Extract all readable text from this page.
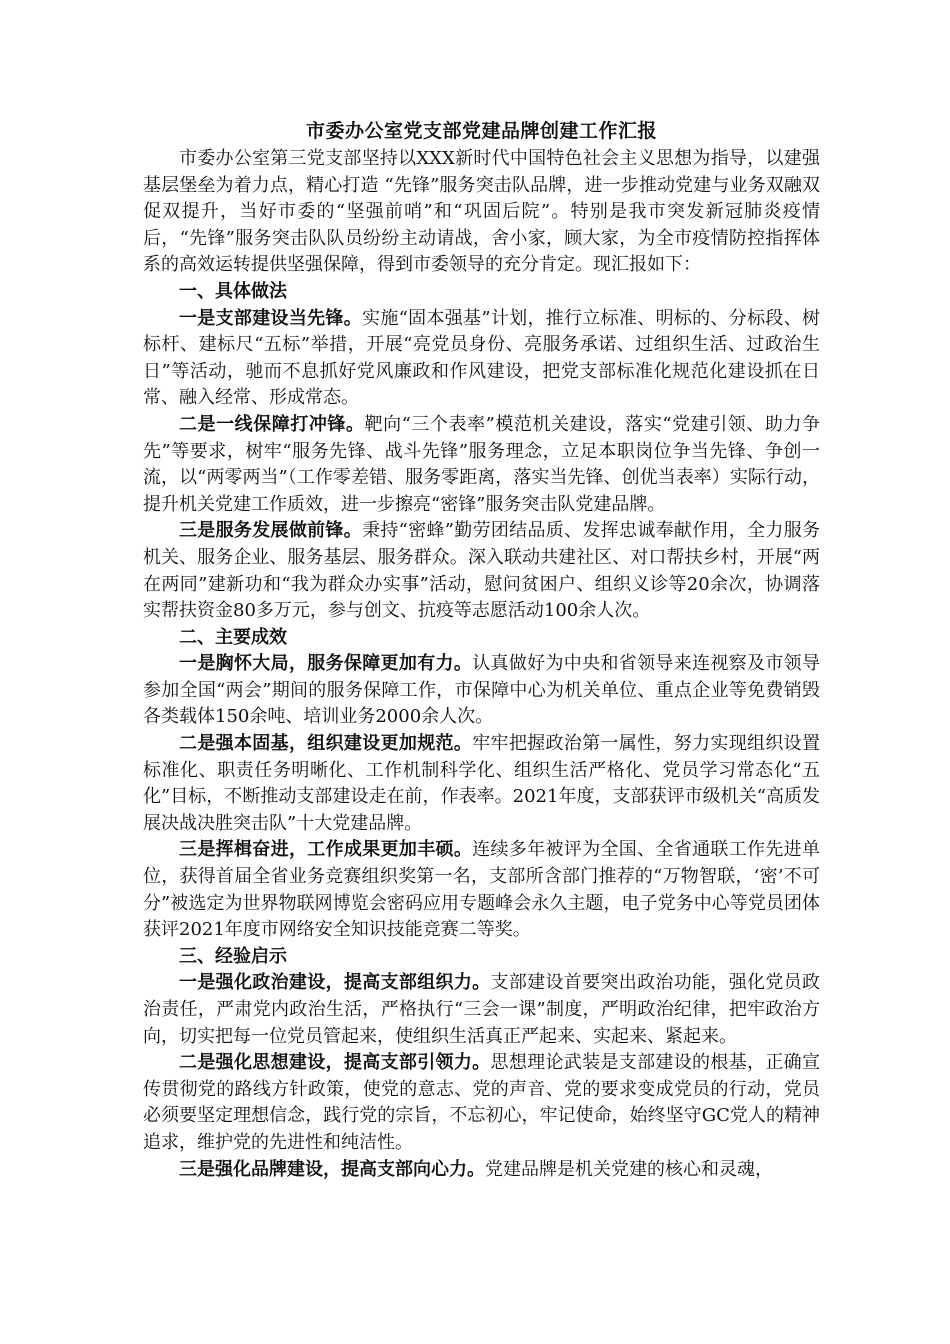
市委办公室党支部党建品牌创建工作汇报

市委办公室第三党支部坚持以XXX新时代中国特色社会主义思想为指导，以建强基层堡垒为着力点，精心打造 “先锋”服务突击队品牌，进一步推动党建与业务双融双促双提升，当好市委的“坚强前哨”和“巩固后院”。特别是我市突发新冠肺炎疫情后，“先锋”服务突击队队员纷纷主动请战，舍小家，顾大家，为全市疫情防控指挥体系的高效运转提供坚强保障，得到市委领导的充分肯定。现汇报如下：

一、具体做法

一是支部建设当先锋。实施“固本强基”计划，推行立标准、明标的、分标段、树标杆、建标尺“五标”举措，开展“亮党员身份、亮服务承诺、过组织生活、过政治生日”等活动，驰而不息抓好党风廉政和作风建设，把党支部标准化规范化建设抓在日常、融入经常、形成常态。

二是一线保障打冲锋。靶向“三个表率”模范机关建设，落实“党建引领、助力争先”等要求，树牢“服务先锋、战斗先锋”服务理念，立足本职岗位争当先锋、争创一流，以“两零两当”（工作零差错、服务零距离，落实当先锋、创优当表率）实际行动，提升机关党建工作质效，进一步擦亮“密锋”服务突击队党建品牌。

三是服务发展做前锋。秉持“密蜂”勤劳团结品质、发挥忠诚奉献作用，全力服务机关、服务企业、服务基层、服务群众。深入联动共建社区、对口帮扶乡村，开展“两在两同”建新功和“我为群众办实事”活动，慰问贫困户、组织义诊等20余次，协调落实帮扶资金80多万元，参与创文、抗疫等志愿活动100余人次。

二、主要成效

一是胸怀大局，服务保障更加有力。认真做好为中央和省领导来连视察及市领导参加全国“两会”期间的服务保障工作，市保障中心为机关单位、重点企业等免费销毁各类载体150余吨、培训业务2000余人次。

二是强本固基，组织建设更加规范。牢牢把握政治第一属性，努力实现组织设置标准化、职责任务明晰化、工作机制科学化、组织生活严格化、党员学习常态化“五化”目标，不断推动支部建设走在前，作表率。2021年度，支部获评市级机关“高质发展决战决胜突击队”十大党建品牌。

三是挥楫奋进，工作成果更加丰硕。连续多年被评为全国、全省通联工作先进单位，获得首届全省业务竞赛组织奖第一名，支部所含部门推荐的“万物智联，‘密’不可分”被选定为世界物联网博览会密码应用专题峰会永久主题，电子党务中心等党员团体获评2021年度市网络安全知识技能竞赛二等奖。

三、经验启示

一是强化政治建设，提高支部组织力。支部建设首要突出政治功能，强化党员政治责任，严肃党内政治生活，严格执行“三会一课”制度，严明政治纪律，把牢政治方向，切实把每一位党员管起来，使组织生活真正严起来、实起来、紧起来。

二是强化思想建设，提高支部引领力。思想理论武装是支部建设的根基，正确宣传贯彻党的路线方针政策，使党的意志、党的声音、党的要求变成党员的行动，党员必须要坚定理想信念，践行党的宗旨，不忘初心，牢记使命，始终坚守GC党人的精神追求，维护党的先进性和纯洁性。

三是强化品牌建设，提高支部向心力。党建品牌是机关党建的核心和灵魂，
